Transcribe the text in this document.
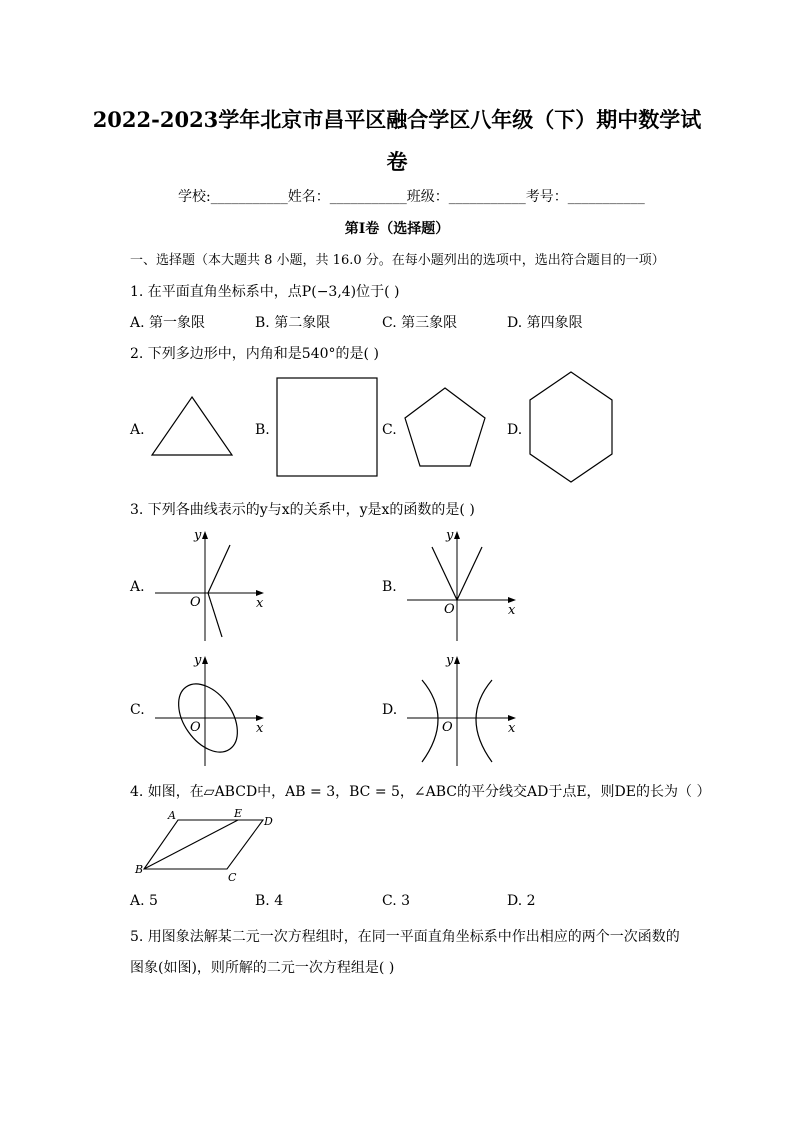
2022-2023学年北京市昌平区融合学区八年级（下）期中数学试
卷
学校:___________姓名：___________班级：___________考号：___________
第Ⅰ卷（选择题）
一、选择题（本大题共 8 小题，共 16.0 分。在每小题列出的选项中，选出符合题目的一项）
1. 在平面直角坐标系中，点P(−3,4)位于( )
A. 第一象限	B. 第二象限	C. 第三象限	D. 第四象限
2. 下列多边形中，内角和是540°的是( )
A.	B.	C.	D.
3. 下列各曲线表示的y与x的关系中，y是x的函数的是( )
A.
y
x
O
B.
y
x
O
C.
y
x
O
D.
y
x
O
4. 如图，在▱ABCD中，AB = 3，BC = 5，∠ABC的平分线交AD于点E，则DE的长为（ ）
A	E
D
B
C
A. 5	B. 4	C. 3	D. 2
5. 用图象法解某二元一次方程组时，在同一平面直角坐标系中作出相应的两个一次函数的
图象(如图)，则所解的二元一次方程组是( )
